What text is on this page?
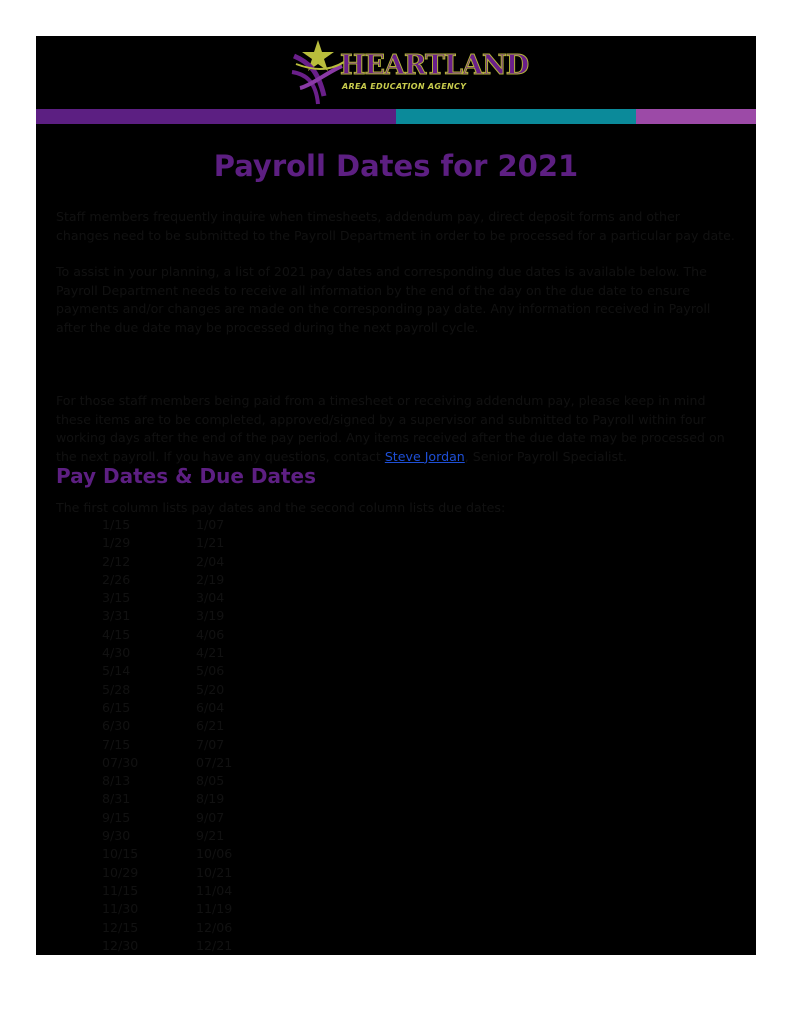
HEARTLAND
AREA EDUCATION AGENCY
Payroll Dates for 2021

Staff members frequently inquire when timesheets, addendum pay, direct deposit forms and other changes need to be submitted to the Payroll Department in order to be processed for a particular pay date.

To assist in your planning, a list of 2021 pay dates and corresponding due dates is available below. The Payroll Department needs to receive all information by the end of the day on the due date to ensure payments and/or changes are made on the corresponding pay date. Any information received in Payroll after the due date may be processed during the next payroll cycle.

For those staff members being paid from a timesheet or receiving addendum pay, please keep in mind these items are to be completed, approved/signed by a supervisor and submitted to Payroll within four working days after the end of the pay period. Any items received after the due date may be processed on the next payroll. If you have any questions, contact Steve Jordan, Senior Payroll Specialist.

Pay Dates & Due Dates
The first column lists pay dates and the second column lists due dates:
1/15	1/07
1/29	1/21
2/12	2/04
2/26	2/19
3/15	3/04
3/31	3/19
4/15	4/06
4/30	4/21
5/14	5/06
5/28	5/20
6/15	6/04
6/30	6/21
7/15	7/07
07/30	07/21
8/13	8/05
8/31	8/19
9/15	9/07
9/30	9/21
10/15	10/06
10/29	10/21
11/15	11/04
11/30	11/19
12/15	12/06
12/30	12/21
